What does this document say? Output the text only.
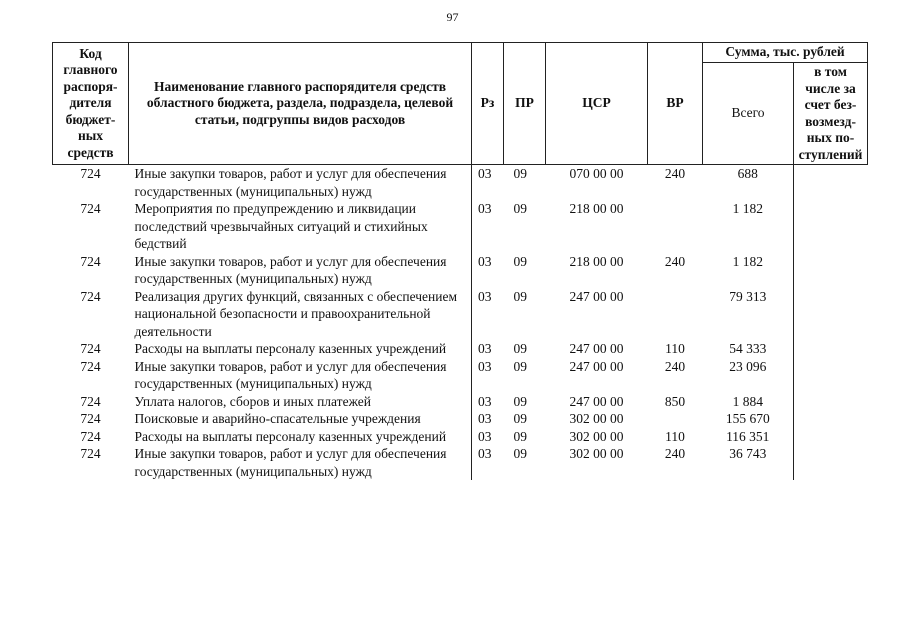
97
Код главного распоря-дителя бюджет-ных средств	Наименование главного распорядителя средств областного бюджета, раздела, подраздела, целевой статьи, подгруппы видов расходов	Рз	ПР	ЦСР	ВР	Сумма, тыс. рублей	
						Всего	в том числе за счет без-возмезд-ных по-ступлений
724	Иные закупки товаров, работ и услуг для обеспечения государственных (муниципальных) нужд	03	09	070 00 00	240	688	
724	Мероприятия по предупреждению и ликвидации последствий чрезвычайных ситуаций и стихийных бедствий	03	09	218 00 00		1 182	
724	Иные закупки товаров, работ и услуг для обеспечения государственных (муниципальных) нужд	03	09	218 00 00	240	1 182	
724	Реализация других функций, связанных с обеспечением национальной безопасности и правоохранительной деятельности	03	09	247 00 00		79 313	
724	Расходы на выплаты персоналу казенных учреждений	03	09	247 00 00	110	54 333	
724	Иные закупки товаров, работ и услуг для обеспечения государственных (муниципальных) нужд	03	09	247 00 00	240	23 096	
724	Уплата налогов, сборов и иных платежей	03	09	247 00 00	850	1 884	
724	Поисковые и аварийно-спасательные учреждения	03	09	302 00 00		155 670	
724	Расходы на выплаты персоналу казенных учреждений	03	09	302 00 00	110	116 351	
724	Иные закупки товаров, работ и услуг для обеспечения государственных (муниципальных) нужд	03	09	302 00 00	240	36 743	
